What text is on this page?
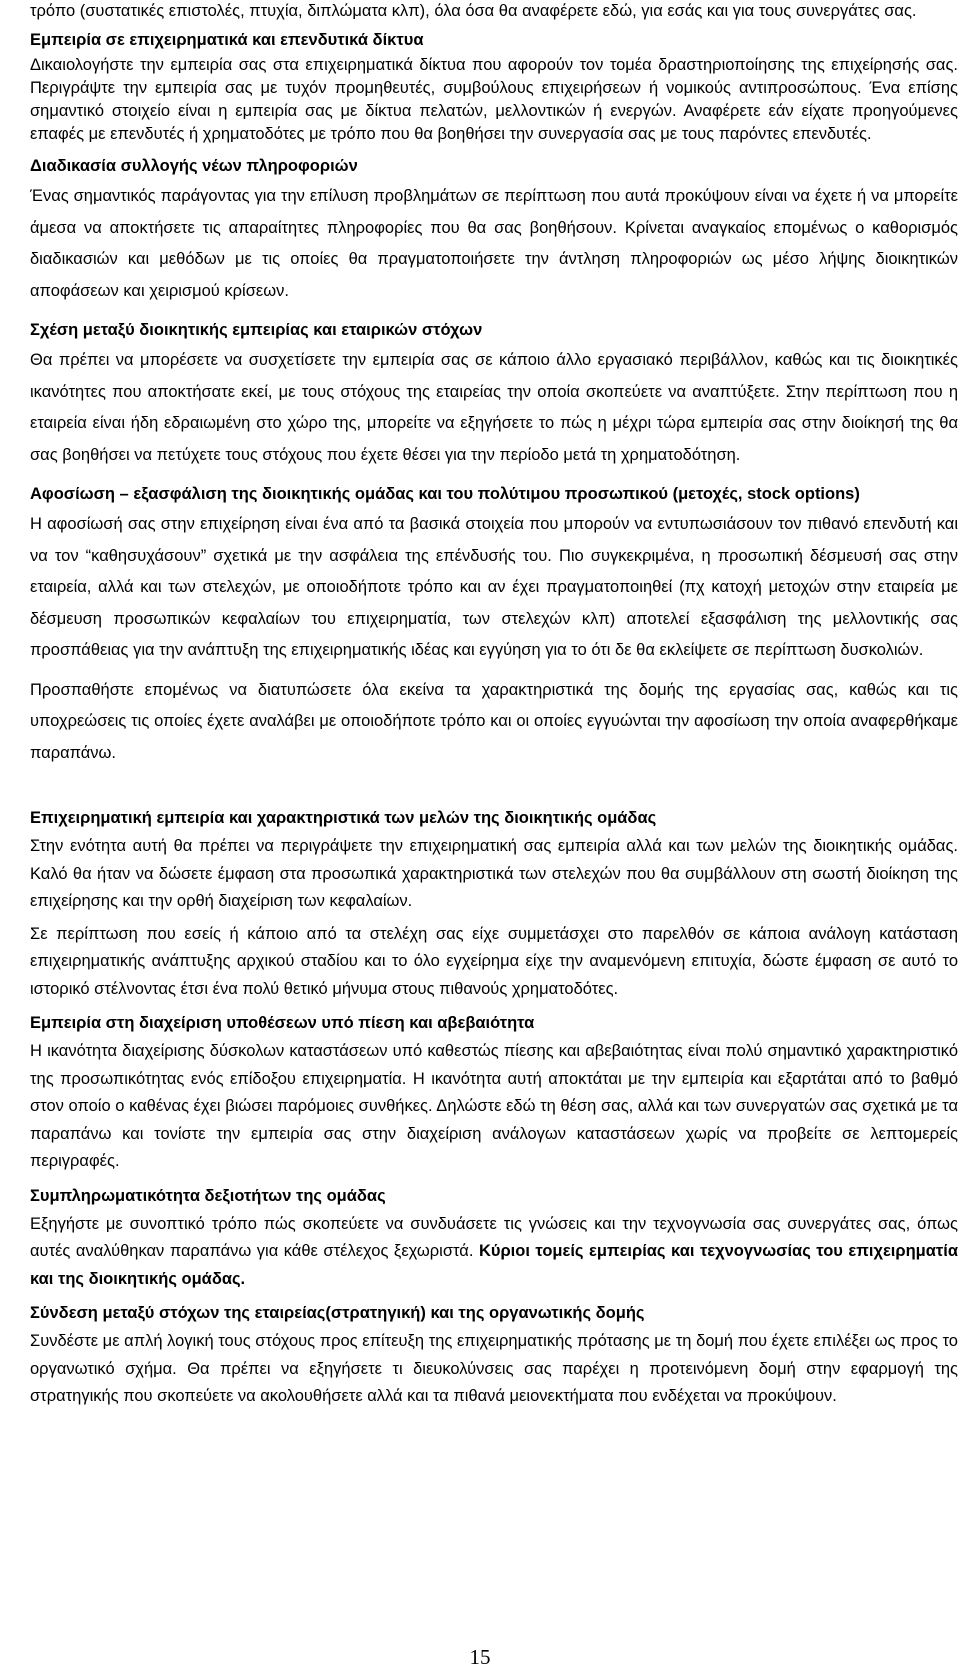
τρόπο (συστατικές επιστολές, πτυχία, διπλώματα κλπ), όλα όσα θα αναφέρετε εδώ, για εσάς και για τους συνεργάτες σας.

Εμπειρία σε επιχειρηματικά και επενδυτικά δίκτυα

Δικαιολογήστε την εμπειρία σας στα επιχειρηματικά δίκτυα που αφορούν τον τομέα δραστηριοποίησης της επιχείρησής σας. Περιγράψτε την εμπειρία σας με τυχόν προμηθευτές, συμβούλους επιχειρήσεων ή νομικούς αντιπροσώπους. Ένα επίσης σημαντικό στοιχείο είναι η εμπειρία σας με δίκτυα πελατών, μελλοντικών ή ενεργών. Αναφέρετε εάν είχατε προηγούμενες επαφές με επενδυτές ή χρηματοδότες με τρόπο που θα βοηθήσει την συνεργασία σας με τους παρόντες επενδυτές.

Διαδικασία συλλογής νέων πληροφοριών

Ένας σημαντικός παράγοντας για την επίλυση προβλημάτων σε περίπτωση που αυτά προκύψουν είναι να έχετε ή να μπορείτε άμεσα να αποκτήσετε τις απαραίτητες πληροφορίες που θα σας βοηθήσουν. Κρίνεται αναγκαίος επομένως ο καθορισμός διαδικασιών και μεθόδων με τις οποίες θα πραγματοποιήσετε την άντληση πληροφοριών ως μέσο λήψης διοικητικών αποφάσεων και χειρισμού κρίσεων.

Σχέση μεταξύ διοικητικής εμπειρίας και εταιρικών στόχων

Θα πρέπει να μπορέσετε να συσχετίσετε την εμπειρία σας σε κάποιο άλλο εργασιακό περιβάλλον, καθώς και τις διοικητικές ικανότητες που αποκτήσατε εκεί, με τους στόχους της εταιρείας την οποία σκοπεύετε να αναπτύξετε. Στην περίπτωση που η εταιρεία είναι ήδη εδραιωμένη στο χώρο της, μπορείτε να εξηγήσετε το πώς η μέχρι τώρα εμπειρία σας στην διοίκησή της θα σας βοηθήσει να πετύχετε τους στόχους που έχετε θέσει για την περίοδο μετά τη χρηματοδότηση.

Αφοσίωση – εξασφάλιση της διοικητικής ομάδας και του πολύτιμου προσωπικού (μετοχές, stock options)

Η αφοσίωσή σας στην επιχείρηση είναι ένα από τα βασικά στοιχεία που μπορούν να εντυπωσιάσουν τον πιθανό επενδυτή και να τον “καθησυχάσουν” σχετικά με την ασφάλεια της επένδυσής του. Πιο συγκεκριμένα, η προσωπική δέσμευσή σας στην εταιρεία, αλλά και των στελεχών, με οποιοδήποτε τρόπο και αν έχει πραγματοποιηθεί (πχ κατοχή μετοχών στην εταιρεία με δέσμευση προσωπικών κεφαλαίων του επιχειρηματία, των στελεχών κλπ) αποτελεί εξασφάλιση της μελλοντικής σας προσπάθειας για την ανάπτυξη της επιχειρηματικής ιδέας και εγγύηση για το ότι δε θα εκλείψετε σε περίπτωση δυσκολιών.

Προσπαθήστε επομένως να διατυπώσετε όλα εκείνα τα χαρακτηριστικά της δομής της εργασίας σας, καθώς και τις υποχρεώσεις τις οποίες έχετε αναλάβει με οποιοδήποτε τρόπο και οι οποίες εγγυώνται την αφοσίωση την οποία αναφερθήκαμε παραπάνω.

Επιχειρηματική εμπειρία και χαρακτηριστικά των μελών της διοικητικής ομάδας

Στην ενότητα αυτή θα πρέπει να περιγράψετε την επιχειρηματική σας εμπειρία αλλά και των μελών της διοικητικής ομάδας. Καλό θα ήταν να δώσετε έμφαση στα προσωπικά χαρακτηριστικά των στελεχών που θα συμβάλλουν στη σωστή διοίκηση της επιχείρησης και την ορθή διαχείριση των κεφαλαίων.

Σε περίπτωση που εσείς ή κάποιο από τα στελέχη σας είχε συμμετάσχει στο παρελθόν σε κάποια ανάλογη κατάσταση επιχειρηματικής ανάπτυξης αρχικού σταδίου και το όλο εγχείρημα είχε την αναμενόμενη επιτυχία, δώστε έμφαση σε αυτό το ιστορικό στέλνοντας έτσι ένα πολύ θετικό μήνυμα στους πιθανούς χρηματοδότες.

Εμπειρία στη διαχείριση υποθέσεων υπό πίεση και αβεβαιότητα

Η ικανότητα διαχείρισης δύσκολων καταστάσεων υπό καθεστώς πίεσης και αβεβαιότητας είναι πολύ σημαντικό χαρακτηριστικό της προσωπικότητας ενός επίδοξου επιχειρηματία. Η ικανότητα αυτή αποκτάται με την εμπειρία και εξαρτάται από το βαθμό στον οποίο ο καθένας έχει βιώσει παρόμοιες συνθήκες. Δηλώστε εδώ τη θέση σας, αλλά και των συνεργατών σας σχετικά με τα παραπάνω και τονίστε την εμπειρία σας στην διαχείριση ανάλογων καταστάσεων χωρίς να προβείτε σε λεπτομερείς περιγραφές.

Συμπληρωματικότητα δεξιοτήτων της ομάδας

Εξηγήστε με συνοπτικό τρόπο πώς σκοπεύετε να συνδυάσετε τις γνώσεις και την τεχνογνωσία σας συνεργάτες σας, όπως αυτές αναλύθηκαν παραπάνω για κάθε στέλεχος ξεχωριστά. Κύριοι τομείς εμπειρίας και τεχνογνωσίας του επιχειρηματία και της διοικητικής ομάδας.

Σύνδεση μεταξύ στόχων της εταιρείας(στρατηγική) και της οργανωτικής δομής

Συνδέστε με απλή λογική τους στόχους προς επίτευξη της επιχειρηματικής πρότασης με τη δομή που έχετε επιλέξει ως προς το οργανωτικό σχήμα. Θα πρέπει να εξηγήσετε τι διευκολύνσεις σας παρέχει η προτεινόμενη δομή στην εφαρμογή της στρατηγικής που σκοπεύετε να ακολουθήσετε αλλά και τα πιθανά μειονεκτήματα που ενδέχεται να προκύψουν.

15
